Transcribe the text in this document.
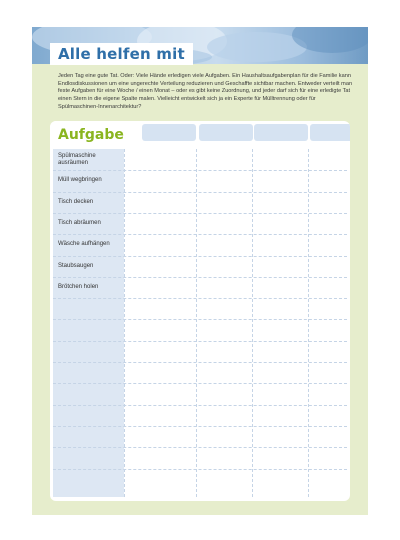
Alle helfen mit

Jeden Tag eine gute Tat. Oder: Viele Hände erledigen viele Aufgaben. Ein Haushaltsaufgabenplan für die Familie kann Endlosdiskussionen um eine ungerechte Verteilung reduzieren und Geschaffte sichtbar machen. Entweder verteilt man feste Aufgaben für eine Woche / einen Monat – oder es gibt keine Zuordnung, und jeder darf sich für eine erledigte Tat einen Stern in die eigene Spalte malen. Vielleicht entwickelt sich ja ein Experte für Mülltrennung oder für Spülmaschinen-Innenarchitektur?

Aufgabe
Spülmaschine ausräumen
Müll wegbringen
Tisch decken
Tisch abräumen
Wäsche aufhängen
Staubsaugen
Brötchen holen
